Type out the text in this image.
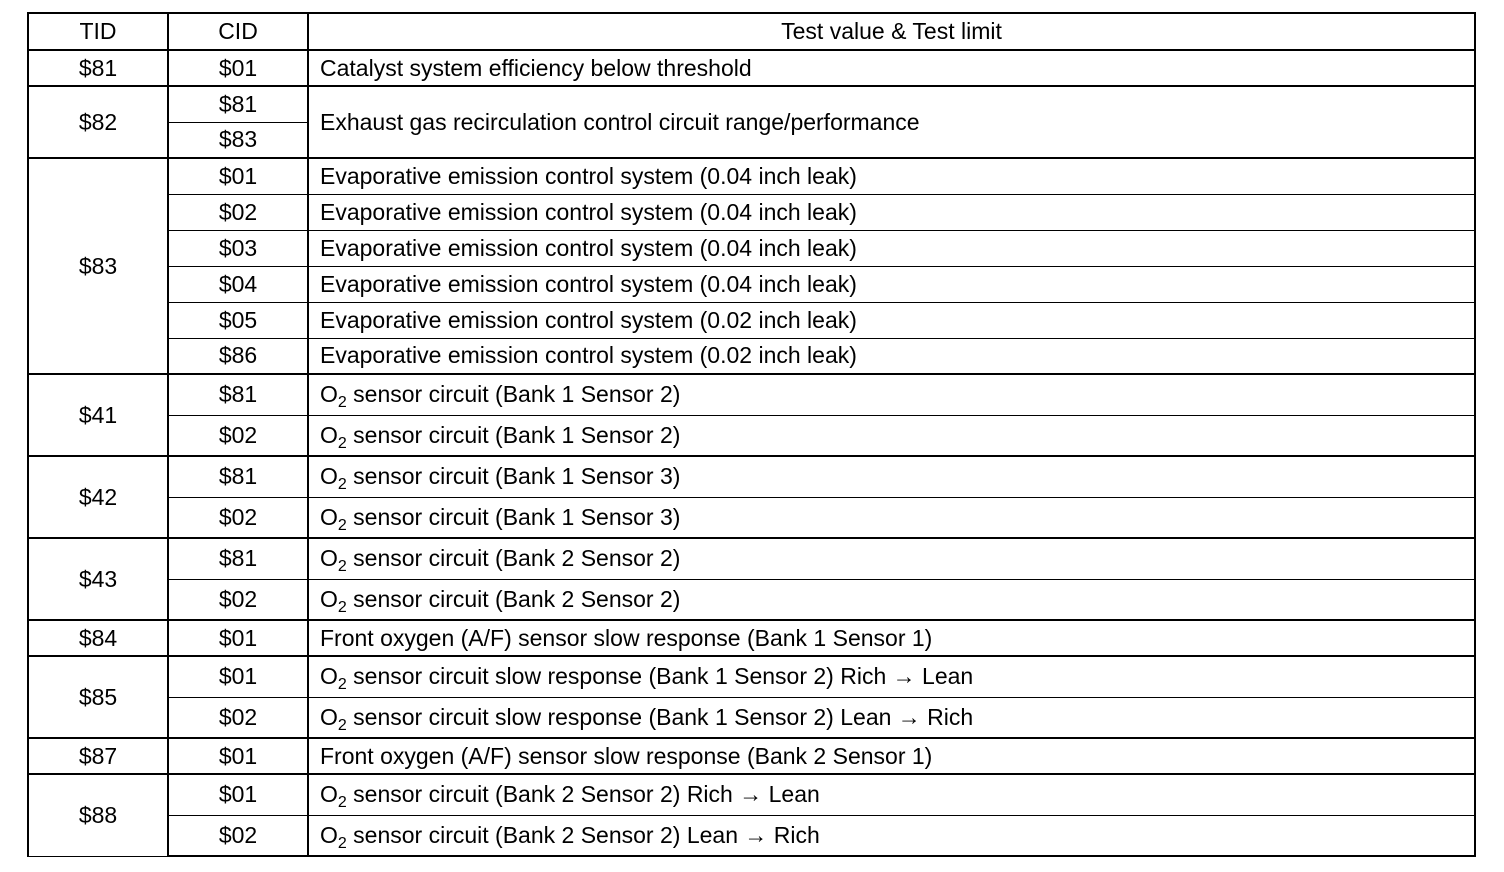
TID	CID	Test value & Test limit
$81	$01	Catalyst system efficiency below threshold
$82	$81	Exhaust gas recirculation control circuit range/performance
	$83	
$83	$01	Evaporative emission control system (0.04 inch leak)
	$02	Evaporative emission control system (0.04 inch leak)
	$03	Evaporative emission control system (0.04 inch leak)
	$04	Evaporative emission control system (0.04 inch leak)
	$05	Evaporative emission control system (0.02 inch leak)
	$86	Evaporative emission control system (0.02 inch leak)
$41	$81	$O_2$ sensor circuit (Bank 1 Sensor 2)
	$02	$O_2$ sensor circuit (Bank 1 Sensor 2)
$42	$81	$O_2$ sensor circuit (Bank 1 Sensor 3)
	$02	$O_2$ sensor circuit (Bank 1 Sensor 3)
$43	$81	$O_2$ sensor circuit (Bank 2 Sensor 2)
	$02	$O_2$ sensor circuit (Bank 2 Sensor 2)
$84	$01	Front oxygen (A/F) sensor slow response (Bank 1 Sensor 1)
$85	$01	$O_2$ sensor circuit slow response (Bank 1 Sensor 2) Rich → Lean
	$02	$O_2$ sensor circuit slow response (Bank 1 Sensor 2) Lean → Rich
$87	$01	Front oxygen (A/F) sensor slow response (Bank 2 Sensor 1)
$88	$01	$O_2$ sensor circuit (Bank 2 Sensor 2) Rich → Lean
	$02	$O_2$ sensor circuit (Bank 2 Sensor 2) Lean → Rich
